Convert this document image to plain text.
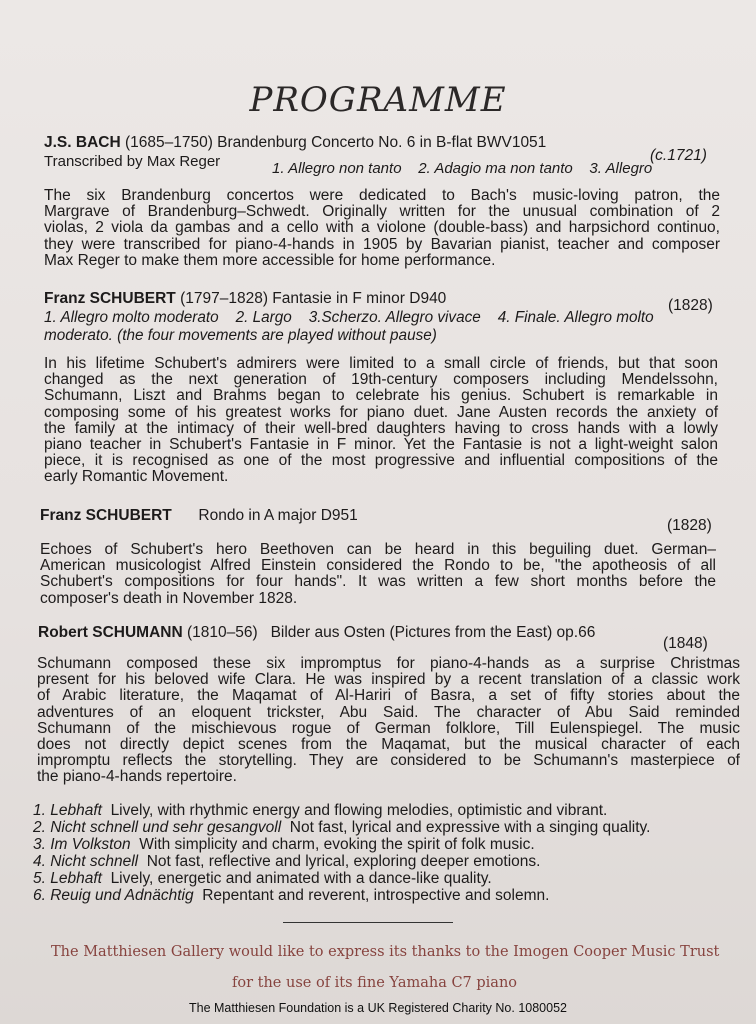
PROGRAMME
J.S. BACH (1685–1750) Brandenburg Concerto No. 6 in B-flat BWV1051
(c.1721)
Transcribed by Max Reger	1. Allegro non tanto    2. Adagio ma non tanto    3. Allegro
The six Brandenburg concertos were dedicated to Bach's music-loving patron, the
Margrave of Brandenburg–Schwedt. Originally written for the unusual combination of 2
violas, 2 viola da gambas and a cello with a violone (double-bass) and harpsichord continuo,
they were transcribed for piano-4-hands in 1905 by Bavarian pianist, teacher and composer
Max Reger to make them more accessible for home performance.
Franz SCHUBERT (1797–1828) Fantasie in F minor D940	(1828)
1. Allegro molto moderato    2. Largo    3.Scherzo. Allegro vivace    4. Finale. Allegro molto
moderato. (the four movements are played without pause)
In his lifetime Schubert's admirers were limited to a small circle of friends, but that soon
changed as the next generation of 19th-century composers including Mendelssohn,
Schumann, Liszt and Brahms began to celebrate his genius. Schubert is remarkable in
composing some of his greatest works for piano duet. Jane Austen records the anxiety of
the family at the intimacy of their well-bred daughters having to cross hands with a lowly
piano teacher in Schubert's Fantasie in F minor. Yet the Fantasie is not a light-weight salon
piece, it is recognised as one of the most progressive and influential compositions of the
early Romantic Movement.
Franz SCHUBERT Rondo in A major D951
(1828)
Echoes of Schubert's hero Beethoven can be heard in this beguiling duet. German–
American musicologist Alfred Einstein considered the Rondo to be, "the apotheosis of all
Schubert's compositions for four hands". It was written a few short months before the
composer's death in November 1828.
Robert SCHUMANN (1810–56)   Bilder aus Osten (Pictures from the East) op.66
(1848)
Schumann composed these six impromptus for piano-4-hands as a surprise Christmas
present for his beloved wife Clara. He was inspired by a recent translation of a classic work
of Arabic literature, the Maqamat of Al-Hariri of Basra, a set of fifty stories about the
adventures of an eloquent trickster, Abu Said. The character of Abu Said reminded
Schumann of the mischievous rogue of German folklore, Till Eulenspiegel. The music
does not directly depict scenes from the Maqamat, but the musical character of each
impromptu reflects the storytelling. They are considered to be Schumann's masterpiece of
the piano-4-hands repertoire.
1. Lebhaft  Lively, with rhythmic energy and flowing melodies, optimistic and vibrant.
2. Nicht schnell und sehr gesangvoll  Not fast, lyrical and expressive with a singing quality.
3. Im Volkston  With simplicity and charm, evoking the spirit of folk music.
4. Nicht schnell  Not fast, reflective and lyrical, exploring deeper emotions.
5. Lebhaft  Lively, energetic and animated with a dance-like quality.
6. Reuig und Adnächtig  Repentant and reverent, introspective and solemn.
The Matthiesen Gallery would like to express its thanks to the Imogen Cooper Music Trust
for the use of its fine Yamaha C7 piano
The Matthiesen Foundation is a UK Registered Charity No. 1080052
